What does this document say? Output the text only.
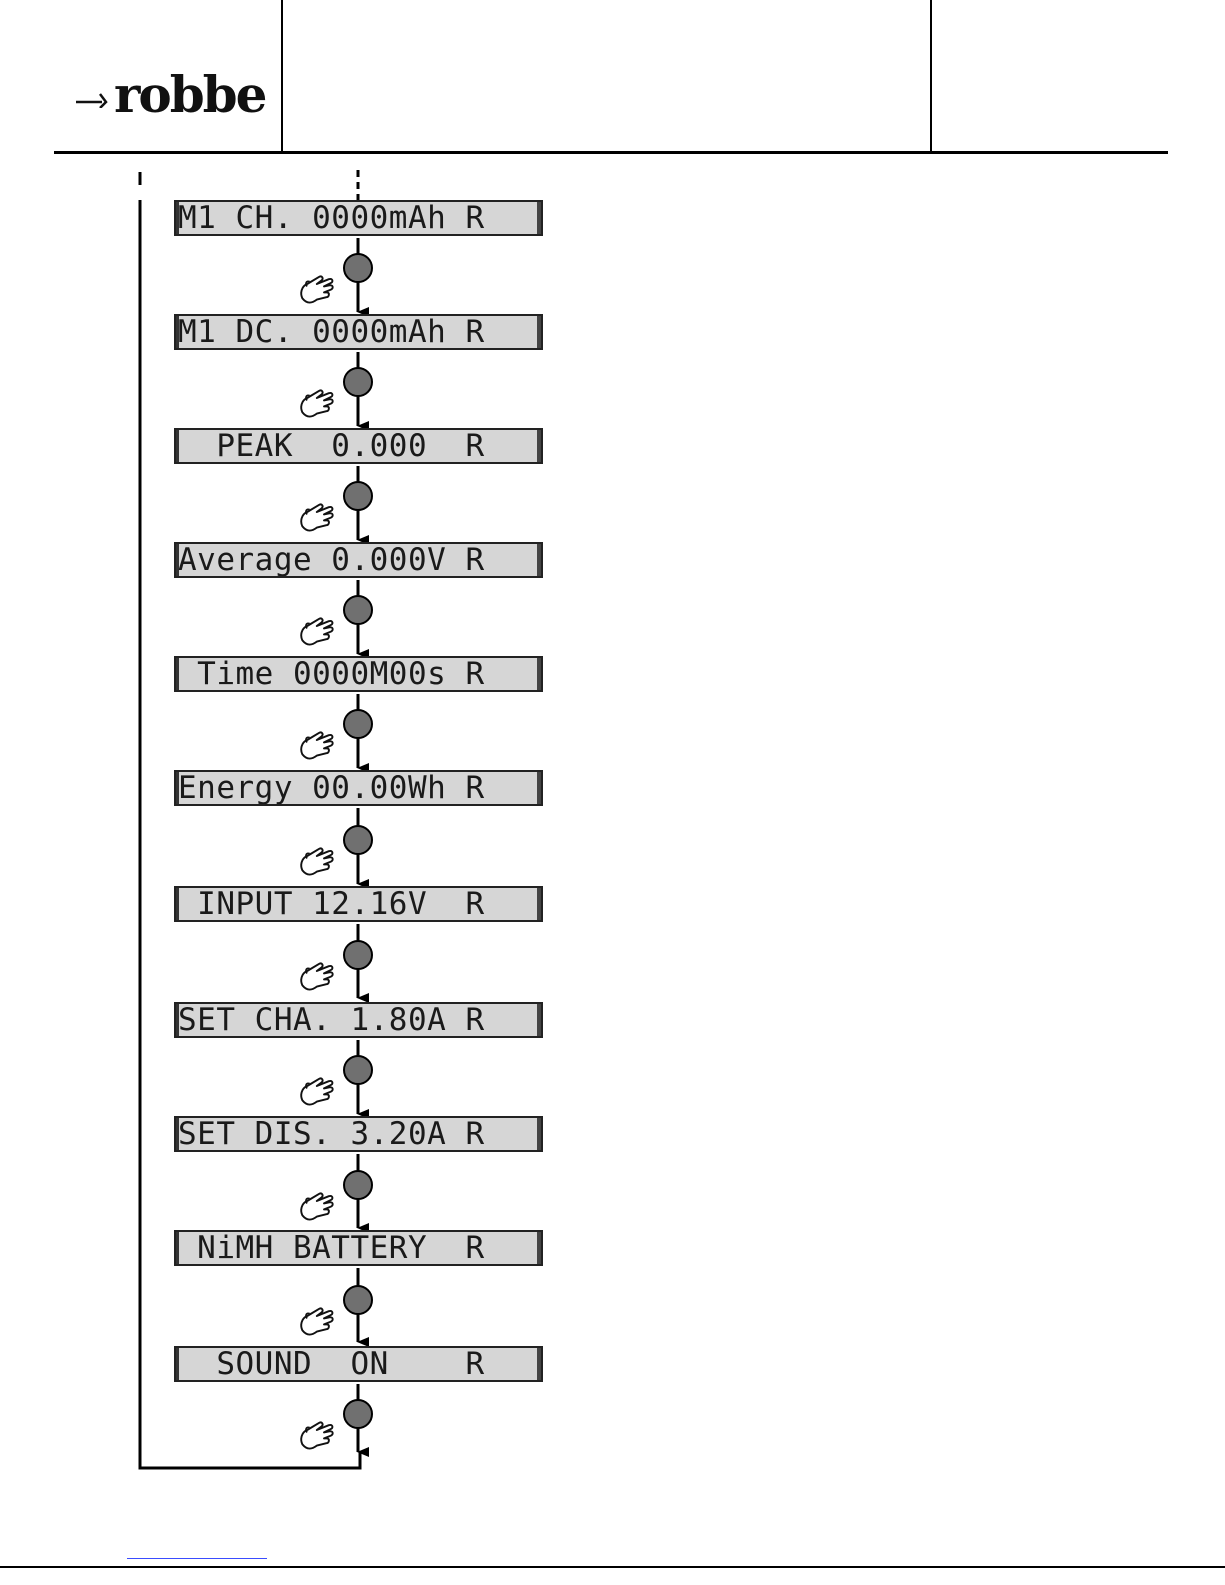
robbe
M1 CH. 0000mAh R
M1 DC. 0000mAh R
PEAK  0.000  R
Average 0.000V R
Time 0000M00s R
Energy 00.00Wh R
INPUT 12.16V  R
SET CHA. 1.80A R
SET DIS. 3.20A R
NiMH BATTERY  R
SOUND  ON    R
